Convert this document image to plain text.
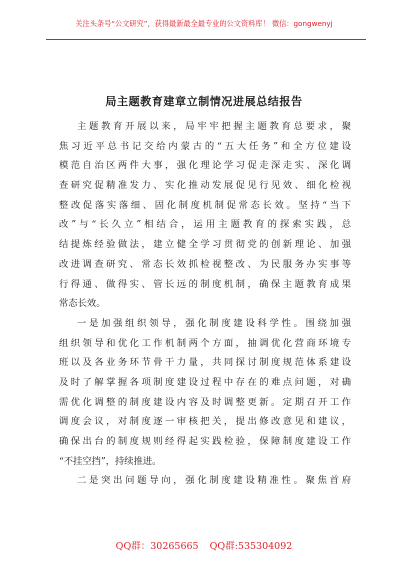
关注头条号“公文研究”，获得最新最全最专业的公文资料库！ 微信：gongwenyj
局主题教育建章立制情况进展总结报告
主题教育开展以来，局牢牢把握主题教育总要求，聚
焦习近平总书记交给内蒙古的“五大任务”和全方位建设
模范自治区两件大事，强化理论学习促走深走实、深化调
查研究促精准发力、实化推动发展促见行见效、细化检视
整改促落实落细、固化制度机制促常态长效。坚持“当下
改”与“长久立”相结合，运用主题教育的探索实践，总
结提炼经验做法，建立健全学习贯彻党的创新理论、加强
改进调查研究、常态长效抓检视整改、为民服务办实事等
行得通、做得实、管长远的制度机制，确保主题教育成果
常态长效。
一是加强组织领导，强化制度建设科学性。围绕加强
组织领导和优化工作机制两个方面，抽调优化营商环境专
班以及各业务环节骨干力量，共同探讨制度规范体系建设
及时了解掌握各项制度建设过程中存在的难点问题，对确
需优化调整的制度建设内容及时调整更新。定期召开工作
调度会议，对制度逐一审核把关，提出修改意见和建议，
确保出台的制度规则经得起实践检验，保障制度建设工作
“不挂空挡”，持续推进。
二是突出问题导向，强化制度建设精准性。聚焦首府
QQ群：30265665 QQ群:535304092
